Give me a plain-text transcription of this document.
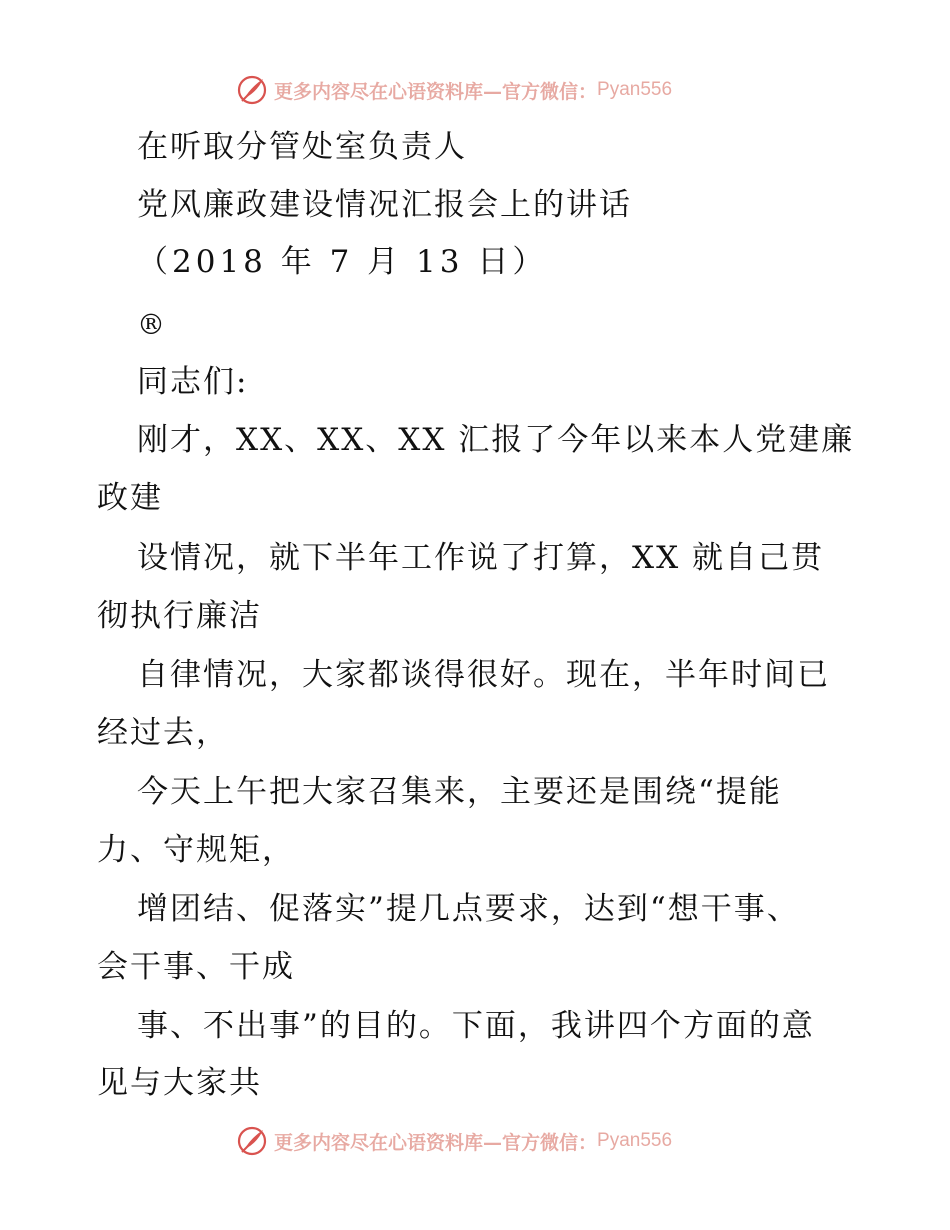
更多内容尽在心语资料库—官方微信： Pyan556
在听取分管处室负责人
党风廉政建设情况汇报会上的讲话
（2018 年 7 月 13 日）
®
同志们:
刚才，XX、XX、XX 汇报了今年以来本人党建廉
政建
设情况，就下半年工作说了打算，XX 就自己贯
彻执行廉洁
自律情况，大家都谈得很好。现在，半年时间已
经过去，
今天上午把大家召集来，主要还是围绕“提能
力、守规矩，
增团结、促落实”提几点要求，达到“想干事、
会干事、干成
事、不出事”的目的。下面，我讲四个方面的意
见与大家共
更多内容尽在心语资料库—官方微信： Pyan556
